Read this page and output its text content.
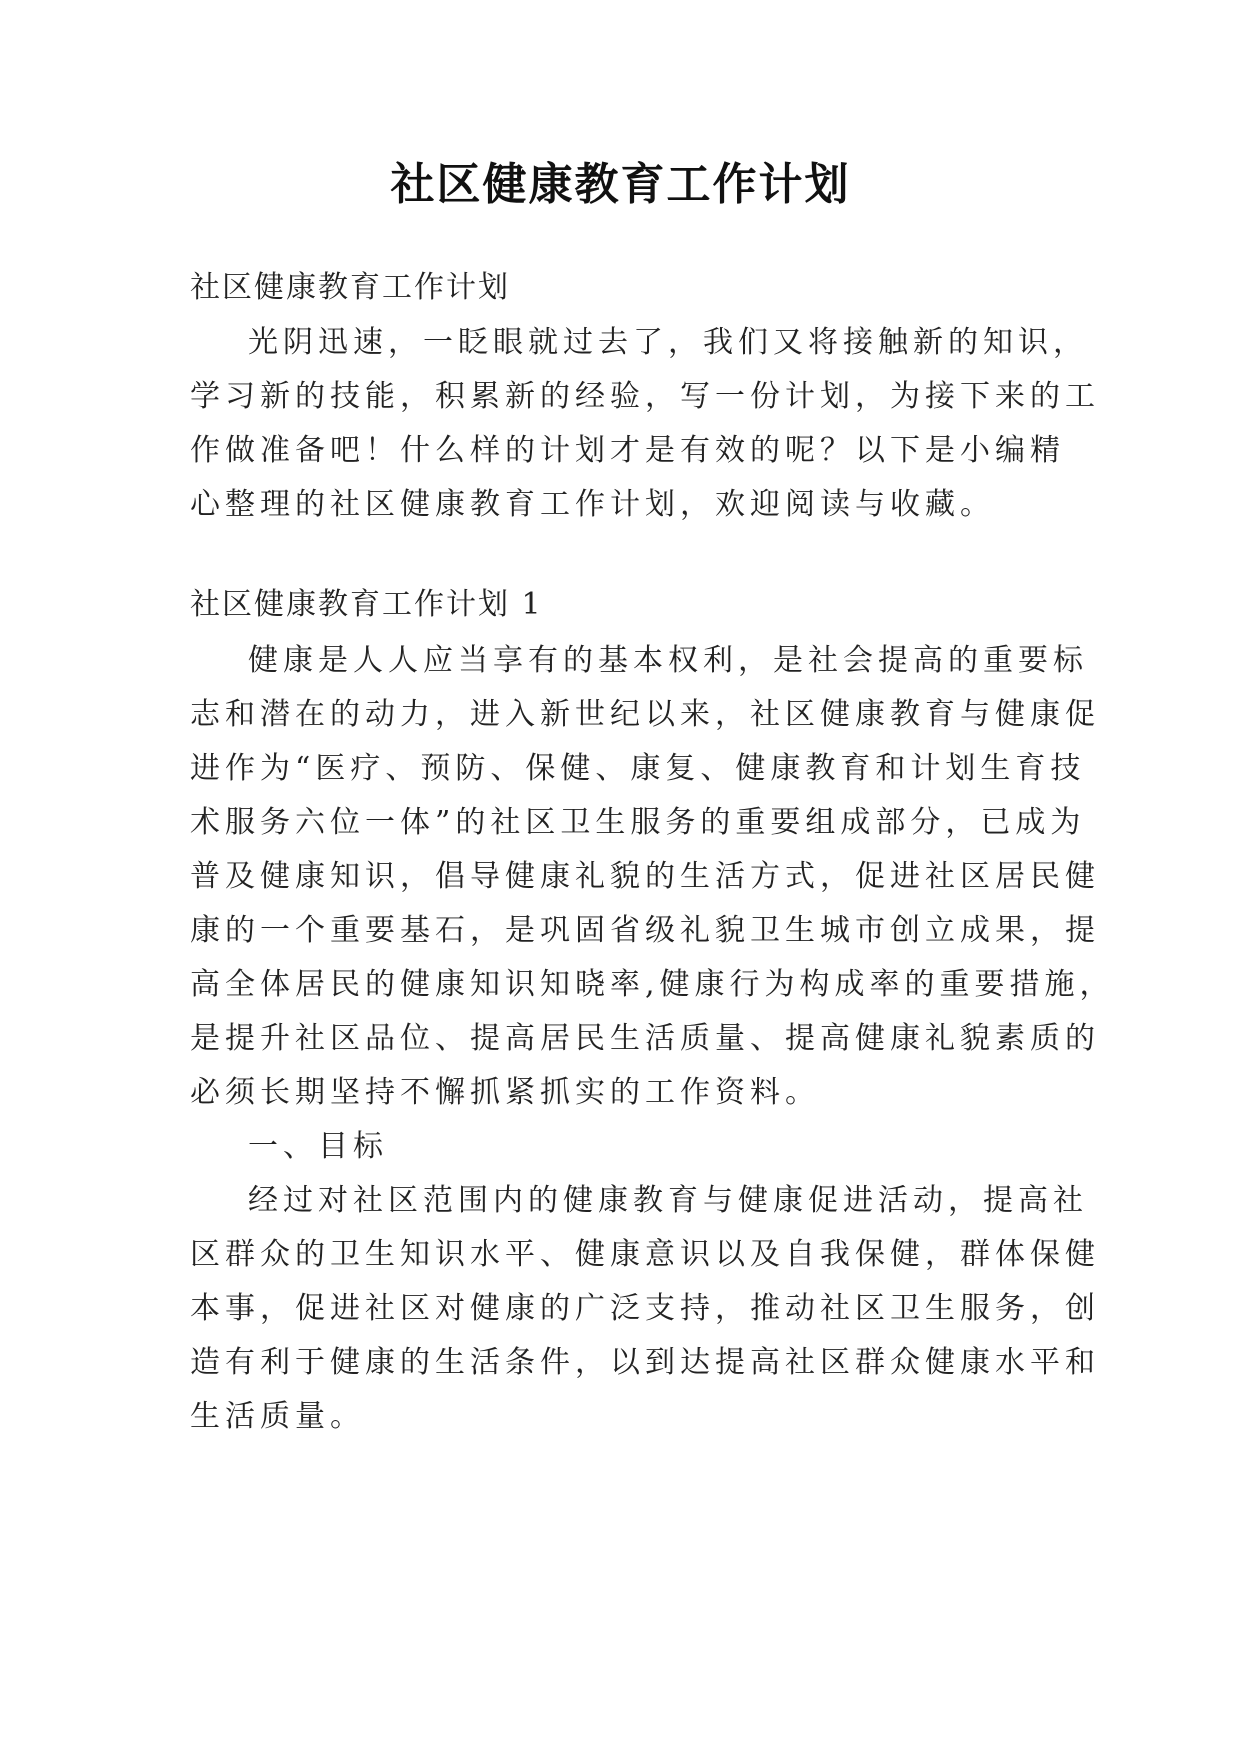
社区健康教育工作计划

社区健康教育工作计划

光阴迅速，一眨眼就过去了，我们又将接触新的知识，

学习新的技能，积累新的经验，写一份计划，为接下来的工

作做准备吧！什么样的计划才是有效的呢？以下是小编精

心整理的社区健康教育工作计划，欢迎阅读与收藏。

社区健康教育工作计划 1

健康是人人应当享有的基本权利，是社会提高的重要标

志和潜在的动力，进入新世纪以来，社区健康教育与健康促

进作为“医疗、预防、保健、康复、健康教育和计划生育技

术服务六位一体”的社区卫生服务的重要组成部分，已成为

普及健康知识，倡导健康礼貌的生活方式，促进社区居民健

康的一个重要基石，是巩固省级礼貌卫生城市创立成果，提

高全体居民的健康知识知晓率,健康行为构成率的重要措施，

是提升社区品位、提高居民生活质量、提高健康礼貌素质的

必须长期坚持不懈抓紧抓实的工作资料。

一、目标

经过对社区范围内的健康教育与健康促进活动，提高社

区群众的卫生知识水平、健康意识以及自我保健，群体保健

本事，促进社区对健康的广泛支持，推动社区卫生服务，创

造有利于健康的生活条件，以到达提高社区群众健康水平和

生活质量。
